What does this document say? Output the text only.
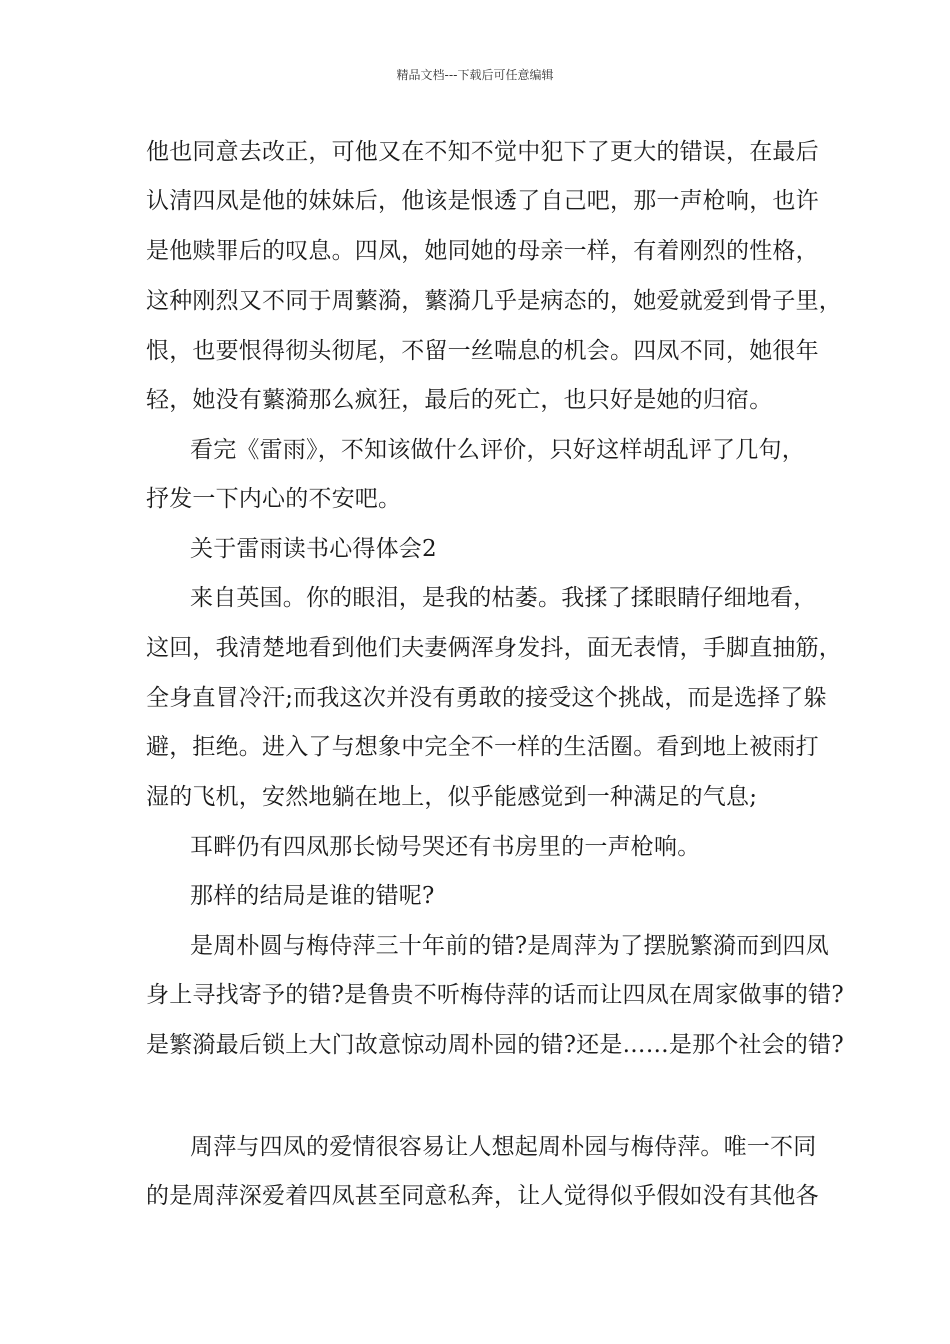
精品文档---下载后可任意编辑
他也同意去改正，可他又在不知不觉中犯下了更大的错误，在最后
认清四凤是他的妹妹后，他该是恨透了自己吧，那一声枪响，也许
是他赎罪后的叹息。四凤，她同她的母亲一样，有着刚烈的性格，
这种刚烈又不同于周蘩漪，蘩漪几乎是病态的，她爱就爱到骨子里，
恨，也要恨得彻头彻尾，不留一丝喘息的机会。四凤不同，她很年
轻，她没有蘩漪那么疯狂，最后的死亡，也只好是她的归宿。
看完《雷雨》，不知该做什么评价，只好这样胡乱评了几句，
抒发一下内心的不安吧。
关于雷雨读书心得体会2
来自英国。你的眼泪，是我的枯萎。我揉了揉眼睛仔细地看，
这回，我清楚地看到他们夫妻俩浑身发抖，面无表情，手脚直抽筋，
全身直冒冷汗;而我这次并没有勇敢的接受这个挑战，而是选择了躲
避，拒绝。进入了与想象中完全不一样的生活圈。看到地上被雨打
湿的飞机，安然地躺在地上，似乎能感觉到一种满足的气息;
耳畔仍有四凤那长恸号哭还有书房里的一声枪响。
那样的结局是谁的错呢?
是周朴圆与梅侍萍三十年前的错?是周萍为了摆脱繁漪而到四凤
身上寻找寄予的错?是鲁贵不听梅侍萍的话而让四凤在周家做事的错?
是繁漪最后锁上大门故意惊动周朴园的错?还是……是那个社会的错?
周萍与四凤的爱情很容易让人想起周朴园与梅侍萍。唯一不同
的是周萍深爱着四凤甚至同意私奔，让人觉得似乎假如没有其他各
